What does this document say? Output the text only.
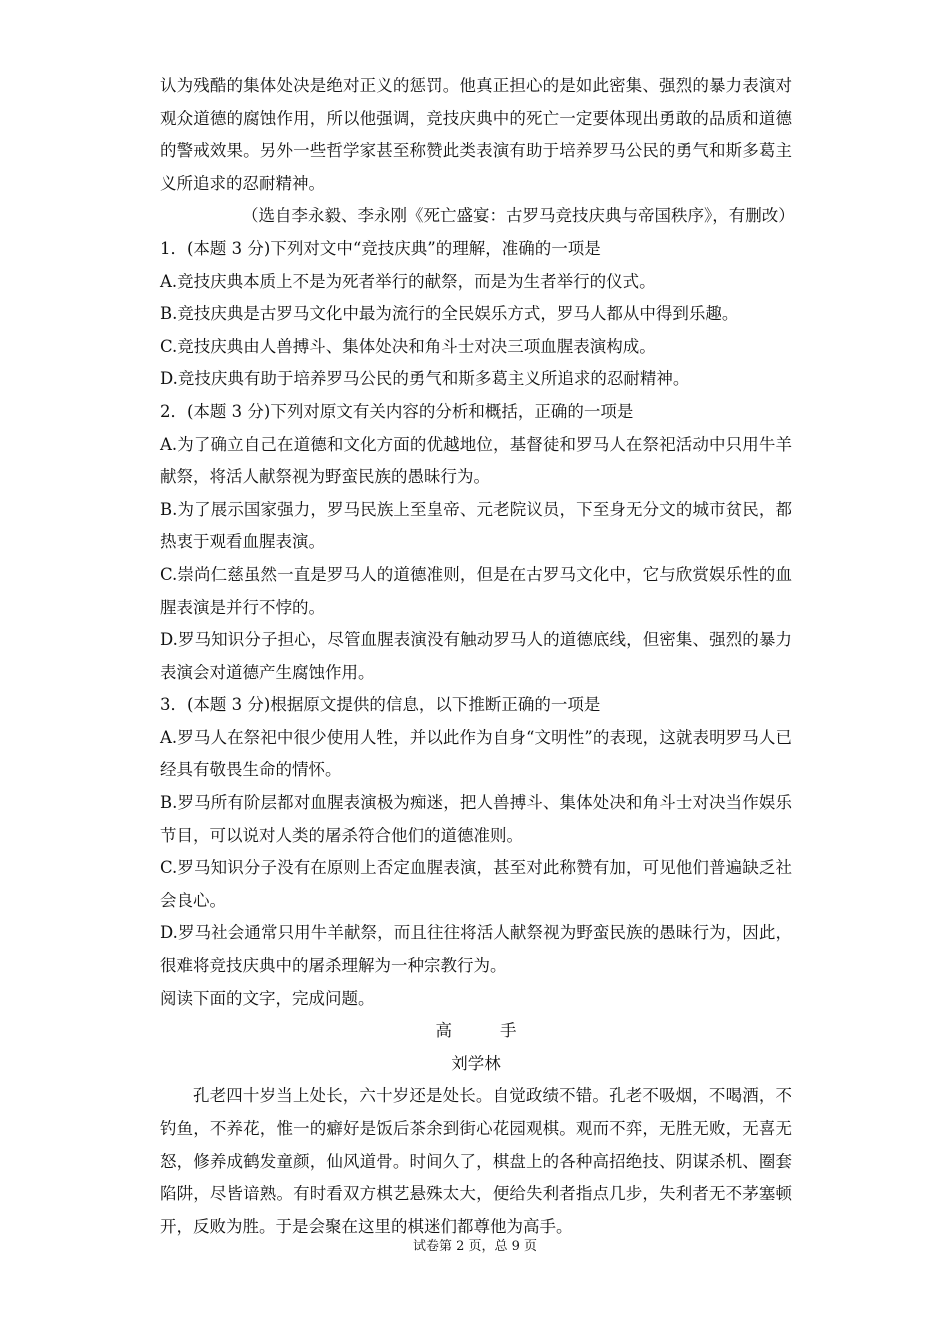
认为残酷的集体处决是绝对正义的惩罚。他真正担心的是如此密集、强烈的暴力表演对
观众道德的腐蚀作用，所以他强调，竞技庆典中的死亡一定要体现出勇敢的品质和道德
的警戒效果。另外一些哲学家甚至称赞此类表演有助于培养罗马公民的勇气和斯多葛主
义所追求的忍耐精神。
（选自李永毅、李永刚《死亡盛宴：古罗马竞技庆典与帝国秩序》，有删改）
1．(本题 3 分)下列对文中“竞技庆典”的理解，准确的一项是
A.竞技庆典本质上不是为死者举行的献祭，而是为生者举行的仪式。
B.竞技庆典是古罗马文化中最为流行的全民娱乐方式，罗马人都从中得到乐趣。
C.竞技庆典由人兽搏斗、集体处决和角斗士对决三项血腥表演构成。
D.竞技庆典有助于培养罗马公民的勇气和斯多葛主义所追求的忍耐精神。
2．(本题 3 分)下列对原文有关内容的分析和概括，正确的一项是
A.为了确立自己在道德和文化方面的优越地位，基督徒和罗马人在祭祀活动中只用牛羊
献祭，将活人献祭视为野蛮民族的愚昧行为。
B.为了展示国家强力，罗马民族上至皇帝、元老院议员，下至身无分文的城市贫民，都
热衷于观看血腥表演。
C.崇尚仁慈虽然一直是罗马人的道德准则，但是在古罗马文化中，它与欣赏娱乐性的血
腥表演是并行不悖的。
D.罗马知识分子担心，尽管血腥表演没有触动罗马人的道德底线，但密集、强烈的暴力
表演会对道德产生腐蚀作用。
3．(本题 3 分)根据原文提供的信息，以下推断正确的一项是
A.罗马人在祭祀中很少使用人牲，并以此作为自身“文明性”的表现，这就表明罗马人已
经具有敬畏生命的情怀。
B.罗马所有阶层都对血腥表演极为痴迷，把人兽搏斗、集体处决和角斗士对决当作娱乐
节目，可以说对人类的屠杀符合他们的道德准则。
C.罗马知识分子没有在原则上否定血腥表演，甚至对此称赞有加，可见他们普遍缺乏社
会良心。
D.罗马社会通常只用牛羊献祭，而且往往将活人献祭视为野蛮民族的愚昧行为，因此，
很难将竞技庆典中的屠杀理解为一种宗教行为。
阅读下面的文字，完成问题。
高	手
刘学林
孔老四十岁当上处长，六十岁还是处长。自觉政绩不错。孔老不吸烟，不喝酒，不
钓鱼，不养花，惟一的癖好是饭后茶余到街心花园观棋。观而不弈，无胜无败，无喜无
怒，修养成鹤发童颜，仙风道骨。时间久了，棋盘上的各种高招绝技、阴谋杀机、圈套
陷阱，尽皆谙熟。有时看双方棋艺悬殊太大，便给失利者指点几步，失利者无不茅塞顿
开，反败为胜。于是会聚在这里的棋迷们都尊他为高手。
试卷第 2 页，总 9 页
